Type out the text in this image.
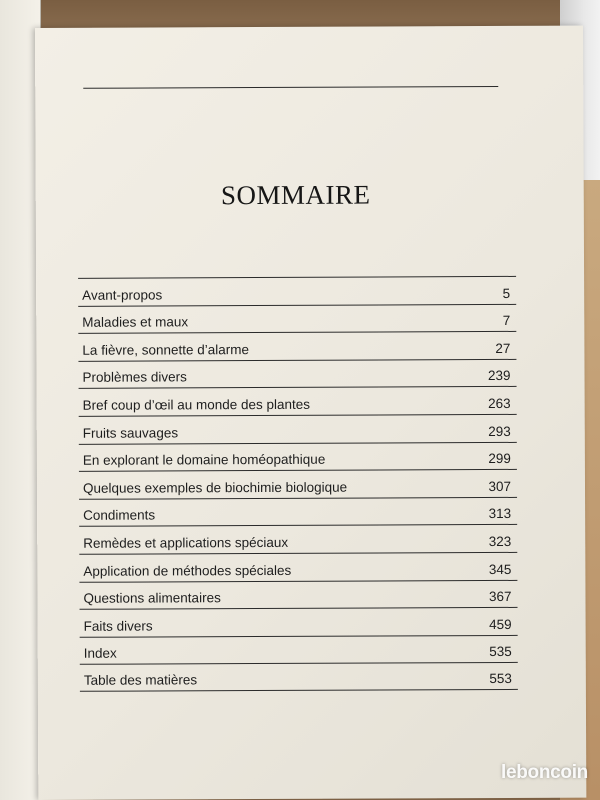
SOMMAIRE
Avant-propos	5
Maladies et maux	7
La fièvre, sonnette d’alarme	27
Problèmes divers	239
Bref coup d’œil au monde des plantes	263
Fruits sauvages	293
En explorant le domaine homéopathique	299
Quelques exemples de biochimie biologique	307
Condiments	313
Remèdes et applications spéciaux	323
Application de méthodes spéciales	345
Questions alimentaires	367
Faits divers	459
Index	535
Table des matières	553
leboncoin
